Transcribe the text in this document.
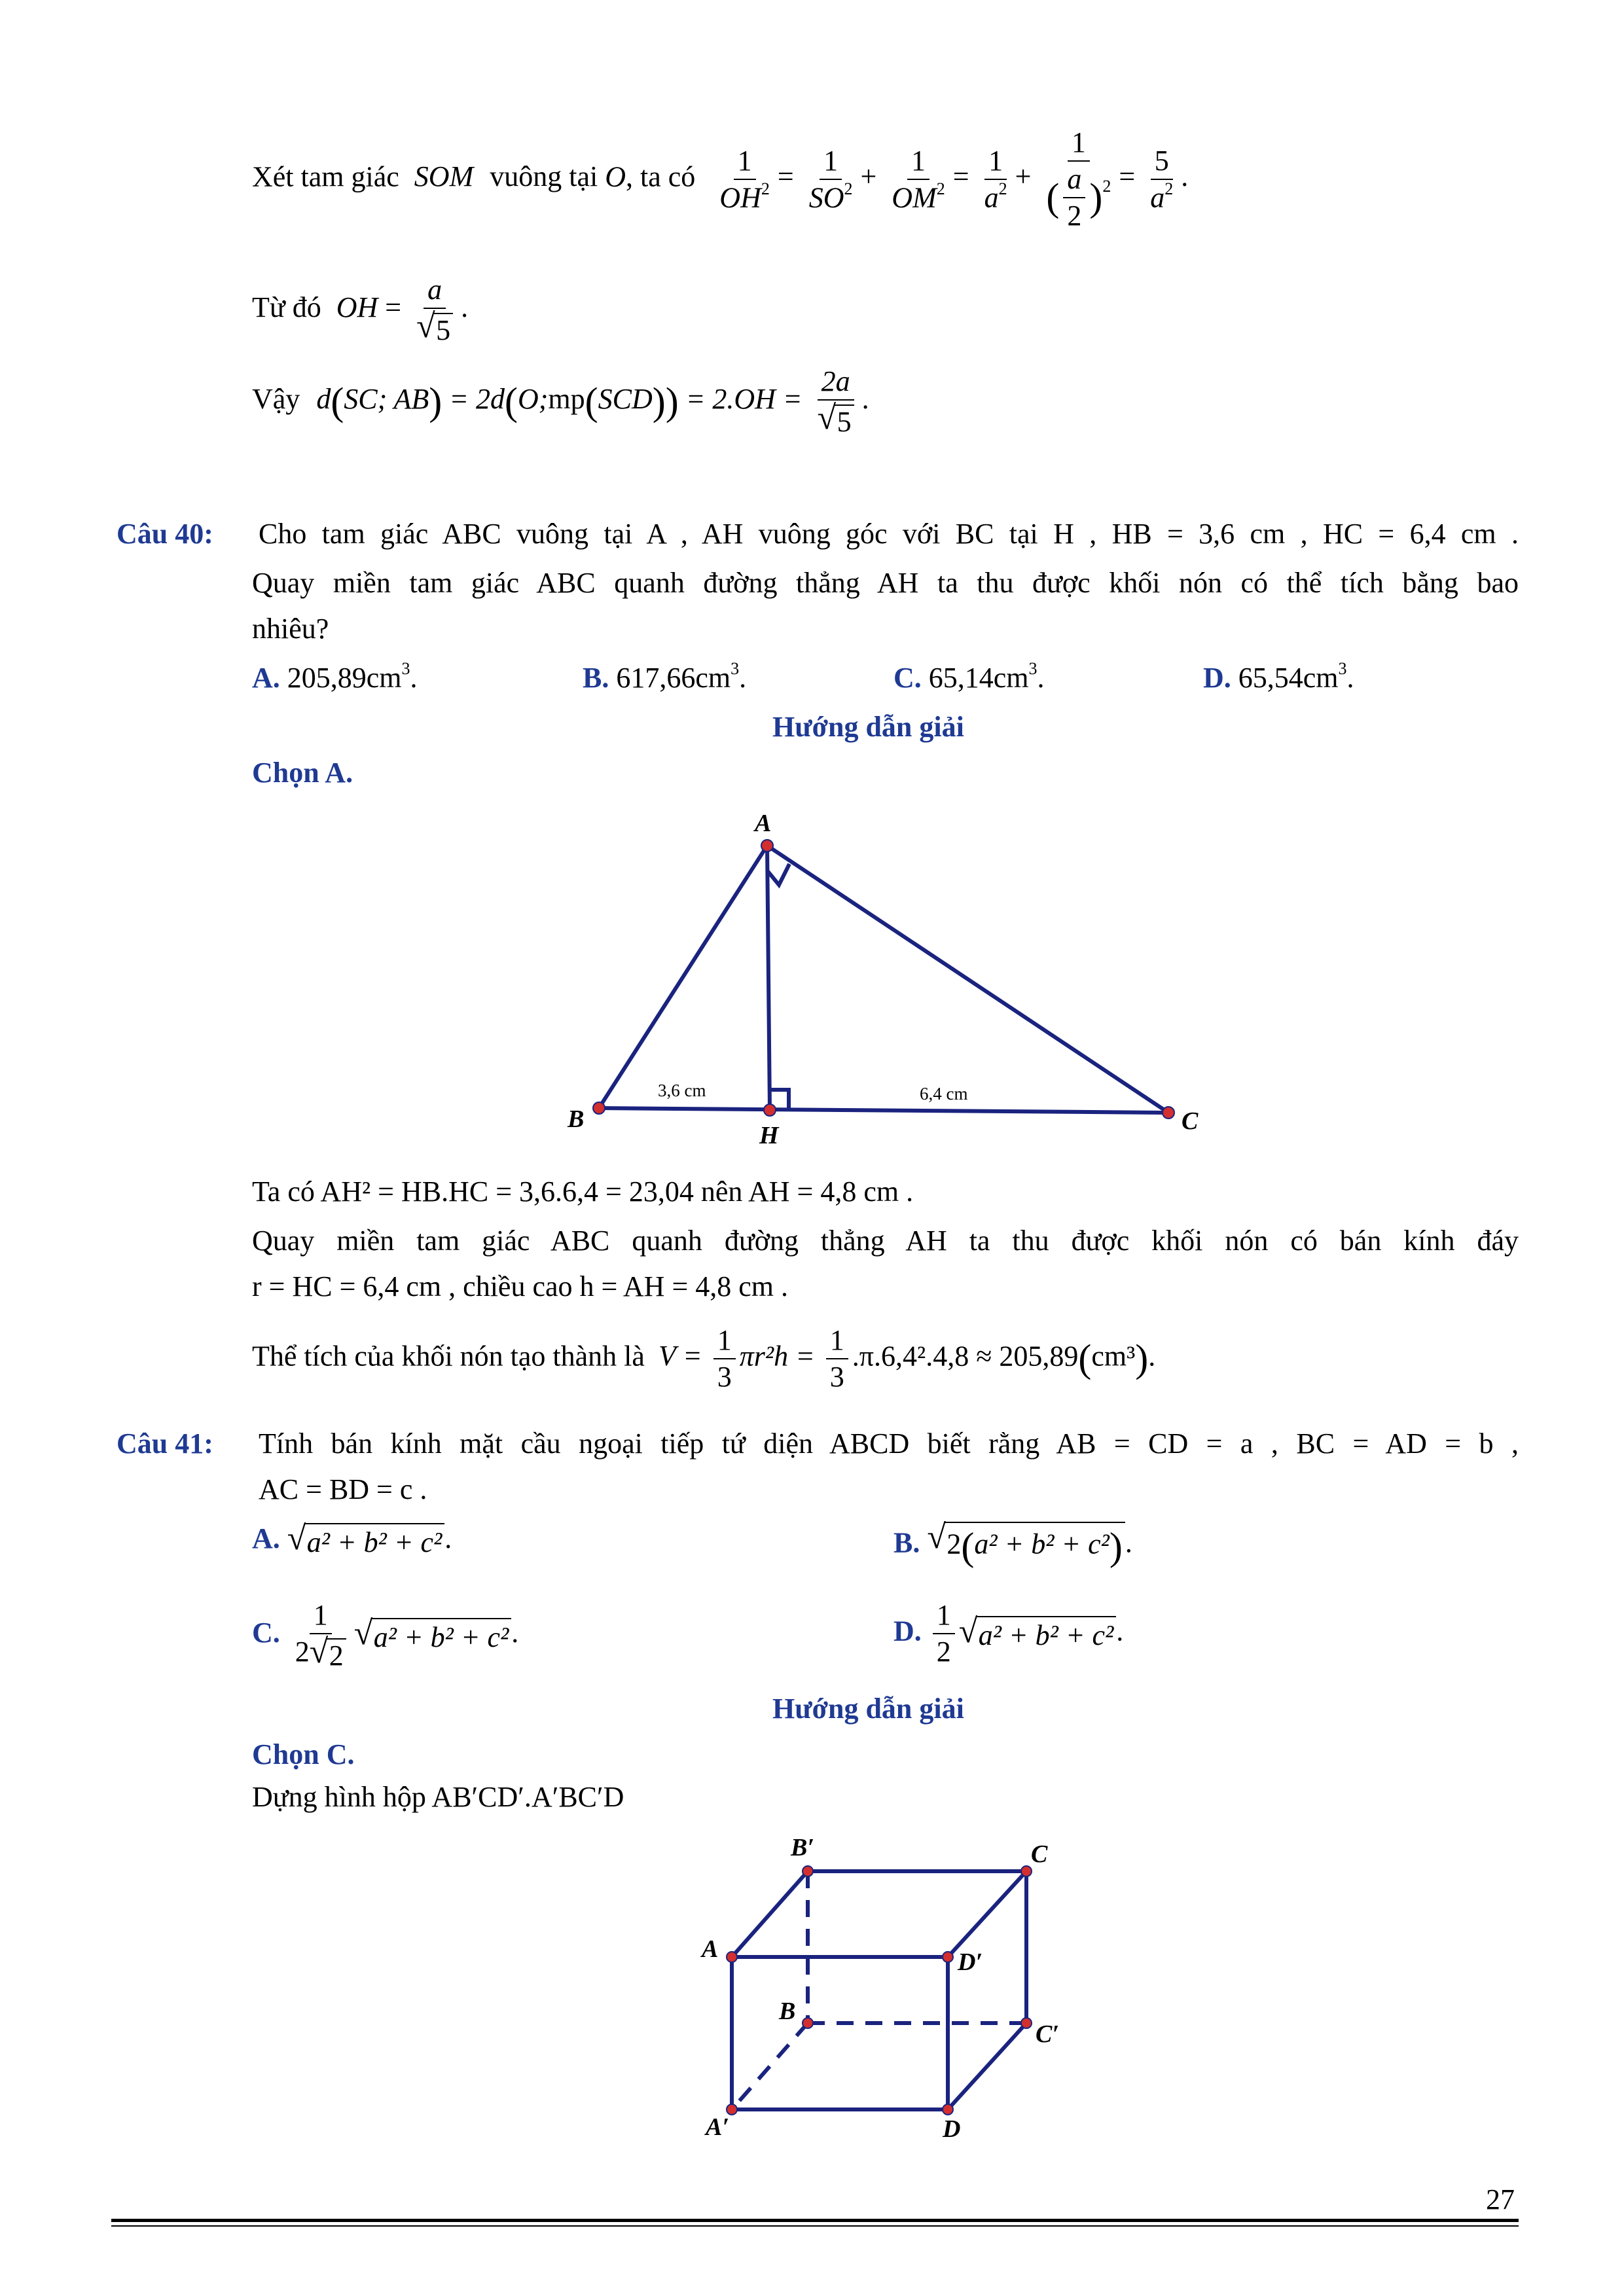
Xét tam giác SOM vuông tại O, ta có $\frac{1}{OH^2} = \frac{1}{SO^2} + \frac{1}{OM^2} = \frac{1}{a^2} + \frac{1}{( \frac{a}{2} )^2} = \frac{5}{a^2}$ .
Từ đó OH = $\frac{a}{√ 5}$ .
Vậy d(SC; AB) = 2d(O;mp(SCD)) = $2.OH = \frac{2a}{√ 5}$ .
Câu 40: Cho tam giác ABC vuông tại A , AH vuông góc với BC tại H , HB = 3,6 cm , HC = 6,4 cm .
Quay miền tam giác ABC quanh đường thẳng AH ta thu được khối nón có thể tích bằng bao
nhiêu?
A. $205,89cm^3$.	B. $617,66cm^3$.	C. $65,14cm^3$.	D. $65,54cm^3$.
Hướng dẫn giải
Chọn A.
A
B	C
H
3,6 cm	6,4 cm
Ta có AH² = HB.HC = 3,6.6,4 = 23,04 nên AH = 4,8 cm .
Quay miền tam giác ABC quanh đường thẳng AH ta thu được khối nón có bán kính đáy
r = HC = 6,4 cm , chiều cao h = AH = 4,8 cm .
Thể tích của khối nón tạo thành là $V = \frac{1}{3} \pi r^2h = \frac{1}{3} .\pi.6,4^2.4,8 \approx 205,89(cm^3)$.
Câu 41: Tính bán kính mặt cầu ngoại tiếp tứ diện ABCD biết rằng AB = CD = a , BC = AD = b ,
AC = BD = c .
A. √ a² + b² + c².	B. √ 2(a² + b² + c²).
C. $\frac{1}{2 √ 2}$ √ a² + b² + c².	D. $\frac{1}{2}$ √ a² + b² + c².
Hướng dẫn giải
Chọn C.
Dựng hình hộp AB′CD′.A′BC′D
B′	C
A	D′
B
C′
A′	D
27
